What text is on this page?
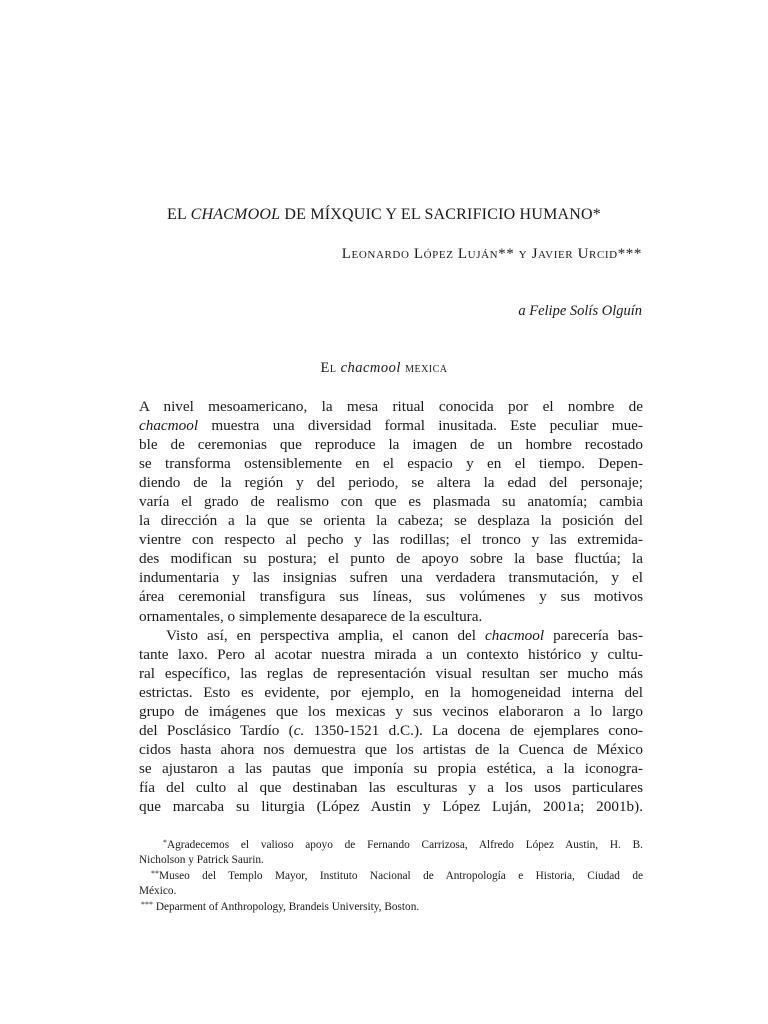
EL CHACMOOL DE MÍXQUIC Y EL SACRIFICIO HUMANO*
Leonardo López Luján** y Javier Urcid***
a Felipe Solís Olguín
El chacmool mexica

A nivel mesoamericano, la mesa ritual conocida por el nombre de
chacmool muestra una diversidad formal inusitada. Este peculiar mue-
ble de ceremonias que reproduce la imagen de un hombre recostado
se transforma ostensiblemente en el espacio y en el tiempo. Depen-
diendo de la región y del periodo, se altera la edad del personaje;
varía el grado de realismo con que es plasmada su anatomía; cambia
la dirección a la que se orienta la cabeza; se desplaza la posición del
vientre con respecto al pecho y las rodillas; el tronco y las extremida-
des modifican su postura; el punto de apoyo sobre la base fluctúa; la
indumentaria y las insignias sufren una verdadera transmutación, y el
área ceremonial transfigura sus líneas, sus volúmenes y sus motivos
ornamentales, o simplemente desaparece de la escultura.

Visto así, en perspectiva amplia, el canon del chacmool parecería bas-
tante laxo. Pero al acotar nuestra mirada a un contexto histórico y cultu-
ral específico, las reglas de representación visual resultan ser mucho más
estrictas. Esto es evidente, por ejemplo, en la homogeneidad interna del
grupo de imágenes que los mexicas y sus vecinos elaboraron a lo largo
del Posclásico Tardío (c. 1350-1521 d.C.). La docena de ejemplares cono-
cidos hasta ahora nos demuestra que los artistas de la Cuenca de México
se ajustaron a las pautas que imponía su propia estética, a la iconogra-
fía del culto al que destinaban las esculturas y a los usos particulares
que marcaba su liturgia (López Austin y López Luján, 2001a; 2001b).

*Agradecemos el valioso apoyo de Fernando Carrizosa, Alfredo López Austin, H. B.
Nicholson y Patrick Saurin.

**Museo del Templo Mayor, Instituto Nacional de Antropología e Historia, Ciudad de
México.

*** Deparment of Anthropology, Brandeis University, Boston.
